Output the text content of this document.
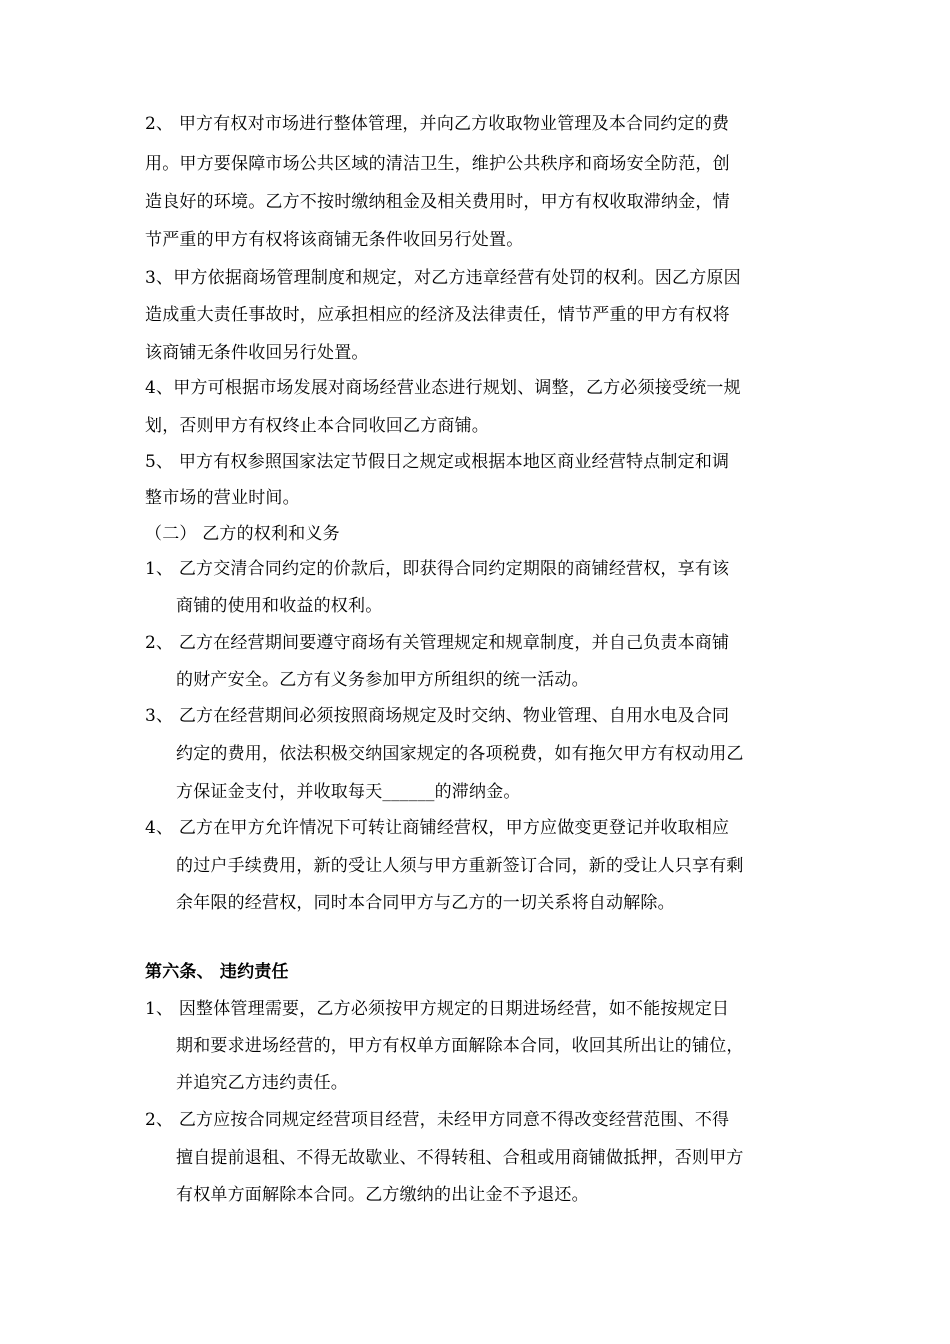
2、 甲方有权对市场进行整体管理，并向乙方收取物业管理及本合同约定的费
用。甲方要保障市场公共区域的清洁卫生，维护公共秩序和商场安全防范，创
造良好的环境。乙方不按时缴纳租金及相关费用时，甲方有权收取滞纳金，情
节严重的甲方有权将该商铺无条件收回另行处置。
3、甲方依据商场管理制度和规定，对乙方违章经营有处罚的权利。因乙方原因
造成重大责任事故时，应承担相应的经济及法律责任，情节严重的甲方有权将
该商铺无条件收回另行处置。
4、甲方可根据市场发展对商场经营业态进行规划、调整，乙方必须接受统一规
划，否则甲方有权终止本合同收回乙方商铺。
5、 甲方有权参照国家法定节假日之规定或根据本地区商业经营特点制定和调
整市场的营业时间。
（二） 乙方的权利和义务
1、 乙方交清合同约定的价款后，即获得合同约定期限的商铺经营权，享有该
商铺的使用和收益的权利。
2、 乙方在经营期间要遵守商场有关管理规定和规章制度，并自己负责本商铺
的财产安全。乙方有义务参加甲方所组织的统一活动。
3、 乙方在经营期间必须按照商场规定及时交纳、物业管理、自用水电及合同
约定的费用，依法积极交纳国家规定的各项税费，如有拖欠甲方有权动用乙
方保证金支付，并收取每天______的滞纳金。
4、 乙方在甲方允许情况下可转让商铺经营权，甲方应做变更登记并收取相应
的过户手续费用，新的受让人须与甲方重新签订合同，新的受让人只享有剩
余年限的经营权，同时本合同甲方与乙方的一切关系将自动解除。
第六条、 违约责任
1、 因整体管理需要，乙方必须按甲方规定的日期进场经营，如不能按规定日
期和要求进场经营的，甲方有权单方面解除本合同，收回其所出让的铺位，
并追究乙方违约责任。
2、 乙方应按合同规定经营项目经营，未经甲方同意不得改变经营范围、不得
擅自提前退租、不得无故歇业、不得转租、合租或用商铺做抵押，否则甲方
有权单方面解除本合同。乙方缴纳的出让金不予退还。
